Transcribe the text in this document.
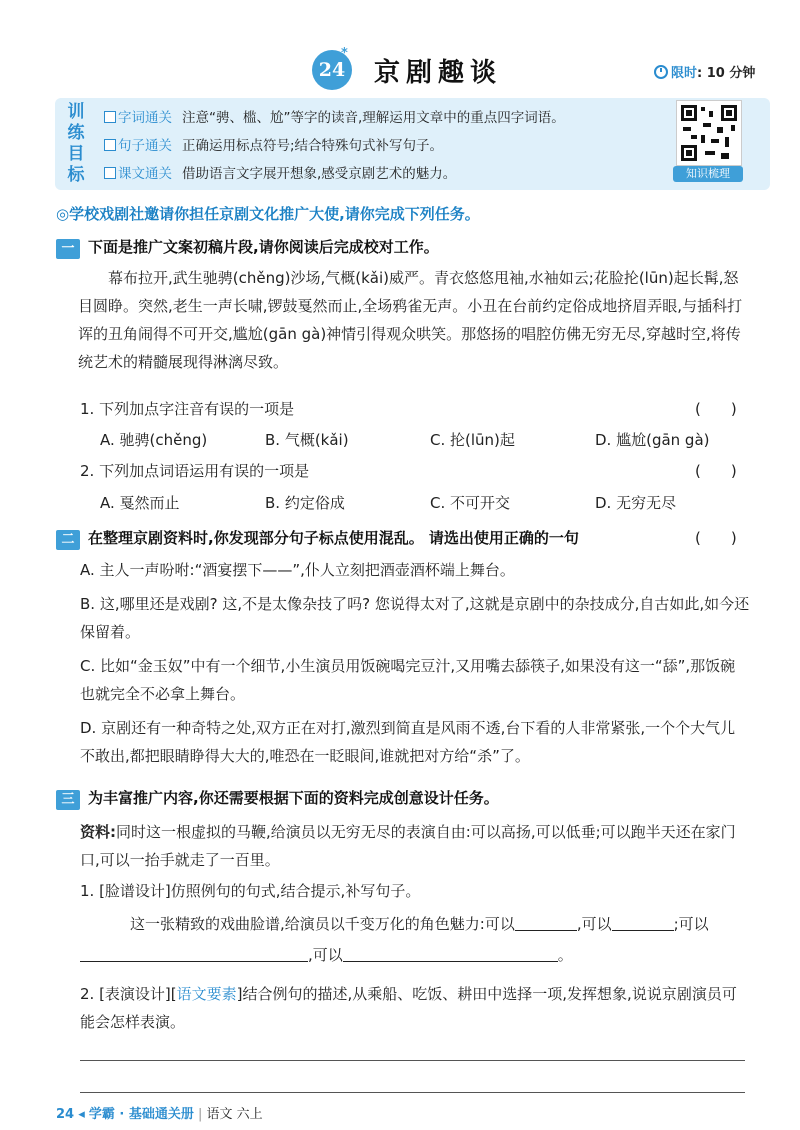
24
*
京剧趣谈	限时: 10 分钟
训练目标
字词通关 注意“骋、槛、尬”等字的读音,理解运用文章中的重点四字词语。
句子通关 正确运用标点符号;结合特殊句式补写句子。
课文通关 借助语言文字展开想象,感受京剧艺术的魅力。	知识梳理
◎学校戏剧社邀请你担任京剧文化推广大使,请你完成下列任务。
一 下面是推广文案初稿片段,请你阅读后完成校对工作。

幕布拉开,武生驰骋(chěng)沙场,气概(kǎi)威严。青衣悠悠甩袖,水袖如云;花脸抡(lūn)起长髯,怒目圆睁。突然,老生一声长啸,锣鼓戛然而止,全场鸦雀无声。小丑在台前约定俗成地挤眉弄眼,与插科打诨的丑角闹得不可开交,尴尬(gān gà)神情引得观众哄笑。那悠扬的唱腔仿佛无穷无尽,穿越时空,将传统艺术的精髓展现得淋漓尽致。

1. 下列加点字注音有误的一项是	(　　)
A. 驰骋(chěng)	B. 气概(kǎi)	C. 抡(lūn)起	D. 尴尬(gān gà)
2. 下列加点词语运用有误的一项是	(　　)
A. 戛然而止	B. 约定俗成	C. 不可开交	D. 无穷无尽
二 在整理京剧资料时,你发现部分句子标点使用混乱。 请选出使用正确的一句	(　　)
A. 主人一声吩咐:“酒宴摆下——”,仆人立刻把酒壶酒杯端上舞台。
B. 这,哪里还是戏剧? 这,不是太像杂技了吗? 您说得太对了,这就是京剧中的杂技成分,自古如此,如今还保留着。
C. 比如“金玉奴”中有一个细节,小生演员用饭碗喝完豆汁,又用嘴去舔筷子,如果没有这一“舔”,那饭碗也就完全不必拿上舞台。
D. 京剧还有一种奇特之处,双方正在对打,激烈到简直是风雨不透,台下看的人非常紧张,一个个大气儿不敢出,都把眼睛睁得大大的,唯恐在一眨眼间,谁就把对方给“杀”了。
三 为丰富推广内容,你还需要根据下面的资料完成创意设计任务。
资料:同时这一根虚拟的马鞭,给演员以无穷无尽的表演自由:可以高扬,可以低垂;可以跑半天还在家门口,可以一抬手就走了一百里。
1. [脸谱设计]仿照例句的句式,结合提示,补写句子。
这一张精致的戏曲脸谱,给演员以千变万化的角色魅力:可以	,可以	;可以
,可以	。
2. [表演设计][语文要素]结合例句的描述,从乘船、吃饭、耕田中选择一项,发挥想象,说说京剧演员可能会怎样表演。
24 ◂ 学霸 · 基础通关册 | 语文 六上
